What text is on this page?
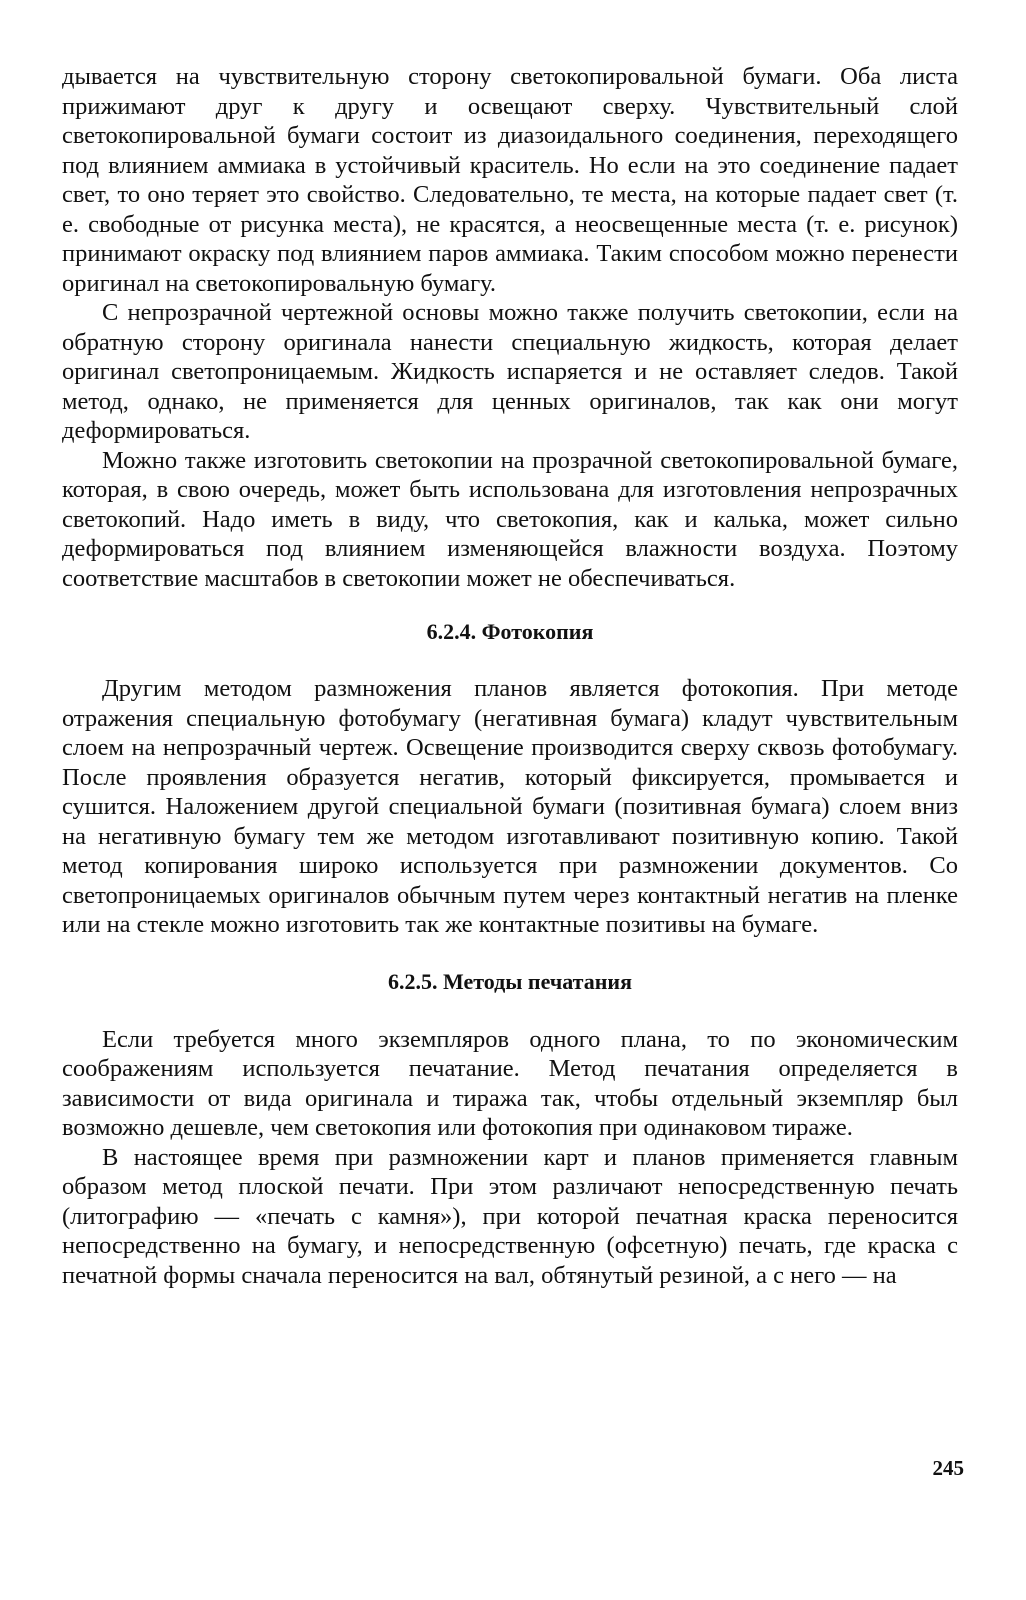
дывается на чувствительную сторону светокопировальной бумаги. Оба листа прижимают друг к другу и освещают сверху. Чувствительный слой светокопировальной бумаги состоит из диазоидального соединения, переходящего под влиянием аммиака в устойчивый краситель. Но если на это соединение падает свет, то оно теряет это свойство. Следовательно, те места, на которые падает свет (т. е. свободные от рисунка места), не красятся, а неосвещенные места (т. е. рисунок) принимают окраску под влиянием паров аммиака. Таким способом можно перенести оригинал на светокопировальную бумагу.

С непрозрачной чертежной основы можно также получить светокопии, если на обратную сторону оригинала нанести специальную жидкость, которая делает оригинал светопроницаемым. Жидкость испаряется и не оставляет следов. Такой метод, однако, не применяется для ценных оригиналов, так как они могут деформироваться.

Можно также изготовить светокопии на прозрачной светокопировальной бумаге, которая, в свою очередь, может быть использована для изготовления непрозрачных светокопий. Надо иметь в виду, что светокопия, как и калька, может сильно деформироваться под влиянием изменяющейся влажности воздуха. Поэтому соответствие масштабов в светокопии может не обеспечиваться.

6.2.4. Фотокопия

Другим методом размножения планов является фотокопия. При методе отражения специальную фотобумагу (негативная бумага) кладут чувствительным слоем на непрозрачный чертеж. Освещение производится сверху сквозь фотобумагу. После проявления образуется негатив, который фиксируется, промывается и сушится. Наложением другой специальной бумаги (позитивная бумага) слоем вниз на негативную бумагу тем же методом изготавливают позитивную копию. Такой метод копирования широко используется при размножении документов. Со светопроницаемых оригиналов обычным путем через контактный негатив на пленке или на стекле можно изготовить так же контактные позитивы на бумаге.

6.2.5. Методы печатания

Если требуется много экземпляров одного плана, то по экономическим соображениям используется печатание. Метод печатания определяется в зависимости от вида оригинала и тиража так, чтобы отдельный экземпляр был возможно дешевле, чем светокопия или фотокопия при одинаковом тираже.

В настоящее время при размножении карт и планов применяется главным образом метод плоской печати. При этом различают непосредственную печать (литографию — «печать с камня»), при которой печатная краска переносится непосредственно на бумагу, и непосредственную (офсетную) печать, где краска с печатной формы сначала переносится на вал, обтянутый резиной, а с него — на

245
